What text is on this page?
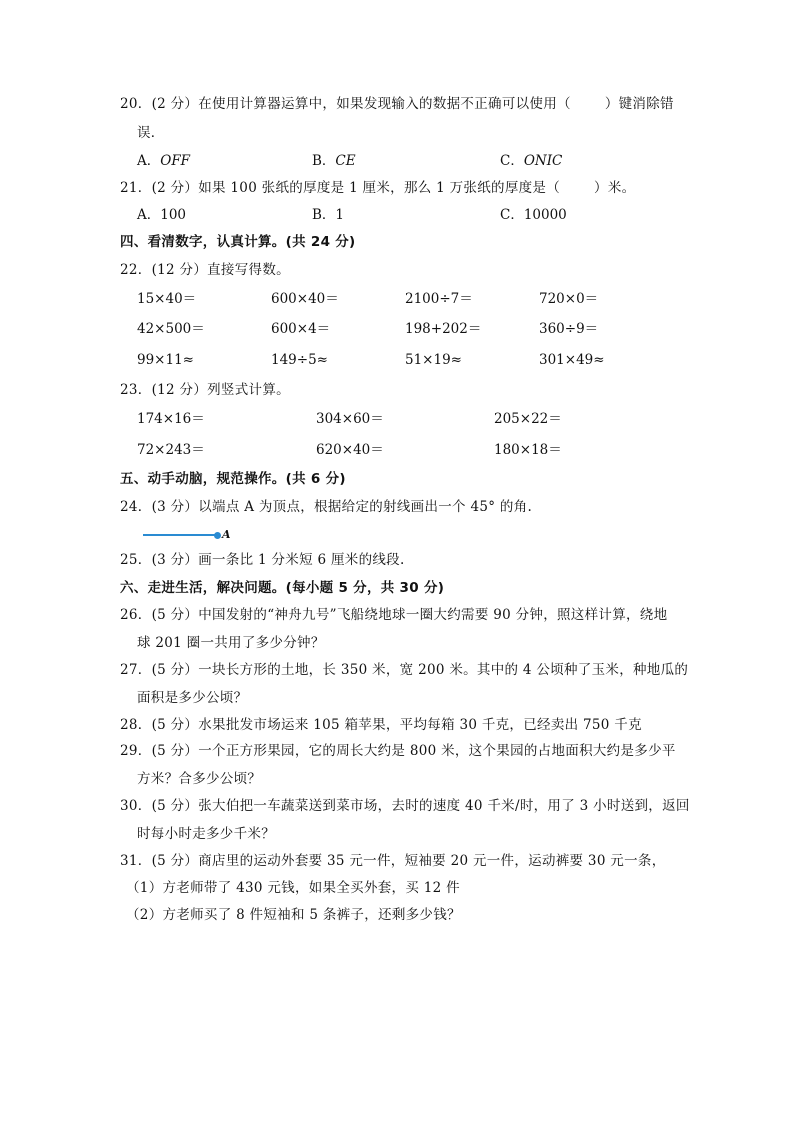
20．(2 分）在使用计算器运算中，如果发现输入的数据不正确可以使用（	）键消除错
误．
A．OFF	B．CE	C．ONIC
21．(2 分）如果 100 张纸的厚度是 1 厘米，那么 1 万张纸的厚度是（	）米。
A．100	B．1	C．10000
四、看清数字，认真计算。(共 24 分)
22．(12 分）直接写得数。
15×40＝	600×40＝	2100÷7＝	720×0＝
42×500＝	600×4＝	198+202＝	360÷9＝
99×11≈	149÷5≈	51×19≈	301×49≈
23．(12 分）列竖式计算。
174×16＝	304×60＝	205×22＝
72×243＝	620×40＝	180×18＝
五、动手动脑，规范操作。(共 6 分)
24．(3 分）以端点 A 为顶点，根据给定的射线画出一个 45° 的角.
A
25．(3 分）画一条比 1 分米短 6 厘米的线段.
六、走进生活，解决问题。(每小题 5 分，共 30 分)
26．(5 分）中国发射的“神舟九号”飞船绕地球一圈大约需要 90 分钟，照这样计算，绕地
球 201 圈一共用了多少分钟？
27．(5 分）一块长方形的土地，长 350 米，宽 200 米。其中的 4 公顷种了玉米，种地瓜的
面积是多少公顷？
28．(5 分）水果批发市场运来 105 箱苹果，平均每箱 30 千克，已经卖出 750 千克
29．(5 分）一个正方形果园，它的周长大约是 800 米，这个果园的占地面积大约是多少平
方米？合多少公顷？
30．(5 分）张大伯把一车蔬菜送到菜市场，去时的速度 40 千米/时，用了 3 小时送到，返回
时每小时走多少千米？
31．(5 分）商店里的运动外套要 35 元一件，短袖要 20 元一件，运动裤要 30 元一条，
（1）方老师带了 430 元钱，如果全买外套，买 12 件
（2）方老师买了 8 件短袖和 5 条裤子，还剩多少钱？
